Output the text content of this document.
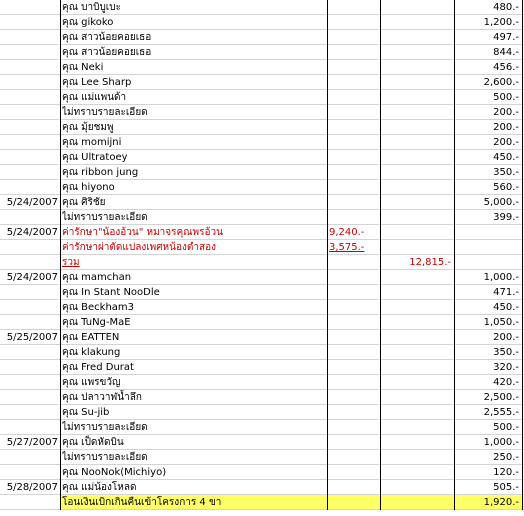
คุณ บาบิบูเบะ	480.-
คุณ gikoko	1,200.-
คุณ สาวน้อยคอยเธอ	497.-
คุณ สาวน้อยคอยเธอ	844.-
คุณ Neki	456.-
คุณ Lee Sharp	2,600.-
คุณ แม่แพนด้า	500.-
ไม่ทราบรายละเอียด	200.-
คุณ มุ้ยชมพู	200.-
คุณ momijni	200.-
คุณ Ultratoey	450.-
คุณ ribbon jung	350.-
คุณ hiyono	560.-
5/24/2007 คุณ ศิริชัย	5,000.-
ไม่ทราบรายละเอียด	399.-
5/24/2007 ค่ารักษา"น้องอ้วน" หมาจรคุณพรอ้วน	9,240.-
ค่ารักษาผ่าตัดแปลงเพศหน้องตำสอง	3,575.-
รวม	12,815.-
5/24/2007 คุณ mamchan	1,000.-
คุณ In Stant NooDle	471.-
คุณ Beckham3	450.-
คุณ TuNg-MaE	1,050.-
5/25/2007 คุณ EATTEN	200.-
คุณ klakung	350.-
คุณ Fred Durat	320.-
คุณ แพรขวัญ	420.-
คุณ ปลาวาฬน้ำลึก	2,500.-
คุณ Su-jib	2,555.-
ไม่ทราบรายละเอียด	500.-
5/27/2007 คุณ เป็ดหัดบิน	1,000.-
ไม่ทราบรายละเอียด	250.-
คุณ NooNok(Michiyo)	120.-
5/28/2007 คุณ แม่น้องโหลด	505.-
โอนเงินเบิกเกินคืนเข้าโครงการ 4 ขา	1,920.-
